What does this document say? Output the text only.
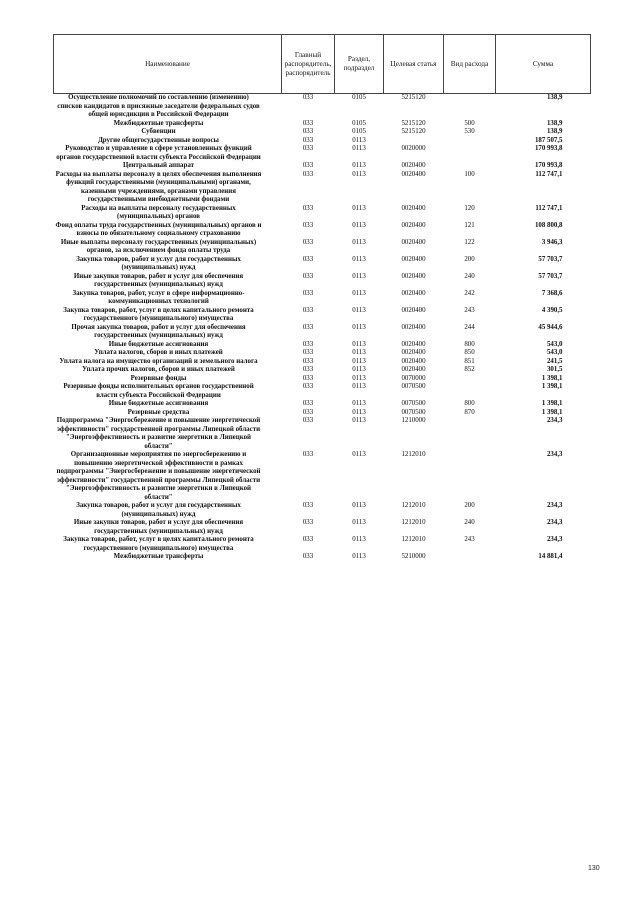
Наименование	Главный распорядитель, распорядитель	Раздел, подраздел	Целевая статья	Вид расхода	Сумма
Осуществление полномочий по составлению (изменению) списков кандидатов в присяжные заседатели федеральных судов общей юрисдикции в Российской Федерации	033	0105	5215120		138,9
Межбюджетные трансферты	033	0105	5215120	500	138,9
Субвенции	033	0105	5215120	530	138,9
Другие общегосударственные вопросы	033	0113			187 507,5
Руководство и управление в сфере установленных функций органов государственной власти субъекта Российской Федерации	033	0113	0020000		170 993,8
Центральный аппарат	033	0113	0020400		170 993,8
Расходы на выплаты персоналу в целях обеспечения выполнения функций государственными (муниципальными) органами, казенными учреждениями, органами управления государственными внебюджетными фондами	033	0113	0020400	100	112 747,1
Расходы на выплаты персоналу государственных (муниципальных) органов	033	0113	0020400	120	112 747,1
Фонд оплаты труда государственных (муниципальных) органов и взносы по обязательному социальному страхованию	033	0113	0020400	121	108 800,8
Иные выплаты персоналу государственных (муниципальных) органов, за исключением фонда оплаты труда	033	0113	0020400	122	3 946,3
Закупка товаров, работ и услуг для государственных (муниципальных) нужд	033	0113	0020400	200	57 703,7
Иные закупки товаров, работ и услуг для обеспечения государственных (муниципальных) нужд	033	0113	0020400	240	57 703,7
Закупка товаров, работ, услуг в сфере информационно-коммуникационных технологий	033	0113	0020400	242	7 368,6
Закупка товаров, работ, услуг в целях капитального ремонта государственного (муниципального) имущества	033	0113	0020400	243	4 390,5
Прочая закупка товаров, работ и услуг для обеспечения государственных (муниципальных) нужд	033	0113	0020400	244	45 944,6
Иные бюджетные ассигнования	033	0113	0020400	800	543,0
Уплата налогов, сборов и иных платежей	033	0113	0020400	850	543,0
Уплата налога на имущество организаций и земельного налога	033	0113	0020400	851	241,5
Уплата прочих налогов, сборов и иных платежей	033	0113	0020400	852	301,5
Резервные фонды	033	0113	0070000		1 398,1
Резервные фонды исполнительных органов государственной власти субъекта Российской Федерации	033	0113	0070500		1 398,1
Иные бюджетные ассигнования	033	0113	0070500	800	1 398,1
Резервные средства	033	0113	0070500	870	1 398,1
Подпрограмма "Энергосбережение и повышение энергетической эффективности" государственной программы Липецкой области "Энергоэффективность и развитие энергетики в Липецкой области"	033	0113	1210000		234,3
Организационные мероприятия по энергосбережению и повышению энергетической эффективности в рамках подпрограммы "Энергосбережение и повышение энергетической эффективности" государственной программы Липецкой области "Энергоэффективность и развитие энергетики в Липецкой области"	033	0113	1212010		234,3
Закупка товаров, работ и услуг для государственных (муниципальных) нужд	033	0113	1212010	200	234,3
Иные закупки товаров, работ и услуг для обеспечения государственных (муниципальных) нужд	033	0113	1212010	240	234,3
Закупка товаров, работ, услуг в целях капитального ремонта государственного (муниципального) имущества	033	0113	1212010	243	234,3
Межбюджетные трансферты	033	0113	5210000		14 881,4
130
